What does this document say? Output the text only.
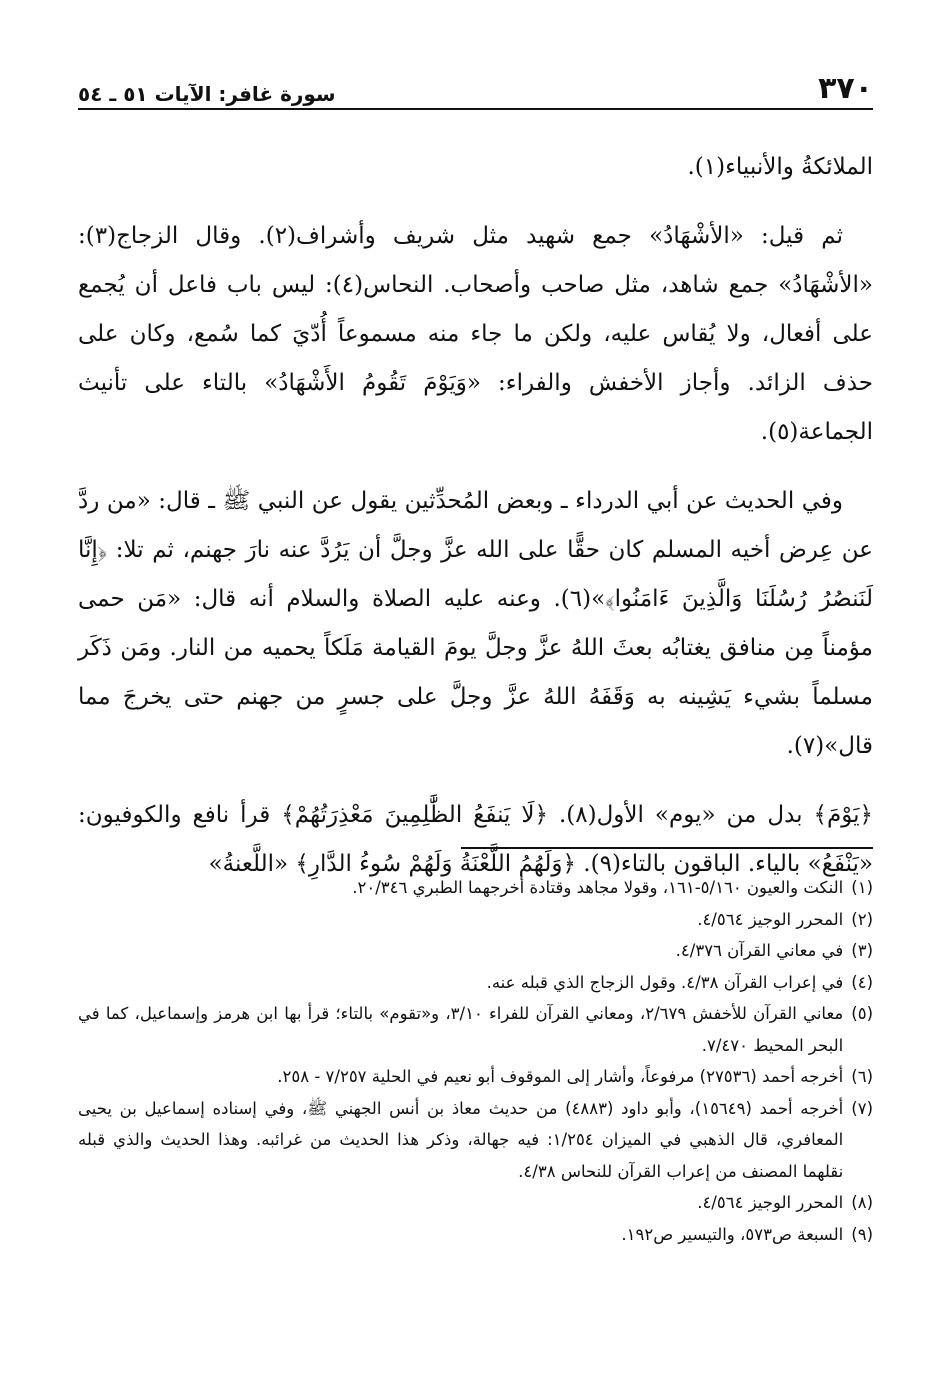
٣٧٠
سورة غافر: الآيات ٥١ ـ ٥٤

الملائكةُ والأنبياء(١).

ثم قيل: «الأشْهَادُ» جمع شهيد مثل شريف وأشراف(٢). وقال الزجاج(٣): «الأشْهَادُ» جمع شاهد، مثل صاحب وأصحاب. النحاس(٤): ليس باب فاعل أن يُجمع على أفعال، ولا يُقاس عليه، ولكن ما جاء منه مسموعاً أُدّيَ كما سُمع، وكان على حذف الزائد. وأجاز الأخفش والفراء: «وَيَوْمَ تَقُومُ الأَشْهَادُ» بالتاء على تأنيث الجماعة(٥).

وفي الحديث عن أبي الدرداء ـ وبعض المُحدِّثين يقول عن النبي ﷺ ـ قال: «من ردَّ عن عِرض أخيه المسلم كان حقًّا على الله عزَّ وجلَّ أن يَرُدَّ عنه نارَ جهنم، ثم تلا: ﴿إِنَّا لَنَنصُرُ رُسُلَنَا وَالَّذِينَ ءَامَنُوا﴾»(٦). وعنه عليه الصلاة والسلام أنه قال: «مَن حمى مؤمناً مِن منافق يغتابُه بعثَ اللهُ عزَّ وجلَّ يومَ القيامة مَلَكاً يحميه من النار. ومَن ذَكَر مسلماً بشيء يَشِينه به وَقَفَهُ اللهُ عزَّ وجلَّ على جسرٍ من جهنم حتى يخرجَ مما قال»(٧).

﴿يَوْمَ﴾ بدل من «يوم» الأول(٨). ﴿لَا يَنفَعُ الظَّٰلِمِينَ مَعْذِرَتُهُمْ﴾ قرأ نافع والكوفيون: «يَنْفَعُ» بالياء. الباقون بالتاء(٩). ﴿وَلَهُمُ اللَّعْنَةُ وَلَهُمْ سُوءُ الدَّارِ﴾ «اللَّعنةُ»

(١)
النكت والعيون ٥/١٦٠-١٦١، وقولا مجاهد وقتادة أخرجهما الطبري ٢٠/٣٤٦.
(٢)
المحرر الوجيز ٤/٥٦٤.
(٣)
في معاني القرآن ٤/٣٧٦.
(٤)
في إعراب القرآن ٤/٣٨. وقول الزجاج الذي قبله عنه.
(٥)
معاني القرآن للأخفش ٢/٦٧٩، ومعاني القرآن للفراء ٣/١٠، و«تقوم» بالتاء؛ قرأ بها ابن هرمز وإسماعيل، كما في البحر المحيط ٧/٤٧٠.
(٦)
أخرجه أحمد (٢٧٥٣٦) مرفوعاً، وأشار إلى الموقوف أبو نعيم في الحلية ٧/٢٥٧ - ٢٥٨.
(٧)
أخرجه أحمد (١٥٦٤٩)، وأبو داود (٤٨٨٣) من حديث معاذ بن أنس الجهني ﷺ، وفي إسناده إسماعيل بن يحيى المعافري، قال الذهبي في الميزان ١/٢٥٤: فيه جهالة، وذكر هذا الحديث من غرائبه. وهذا الحديث والذي قبله نقلهما المصنف من إعراب القرآن للنحاس ٤/٣٨.
(٨)
المحرر الوجيز ٤/٥٦٤.
(٩)
السبعة ص٥٧٣، والتيسير ص١٩٢.
